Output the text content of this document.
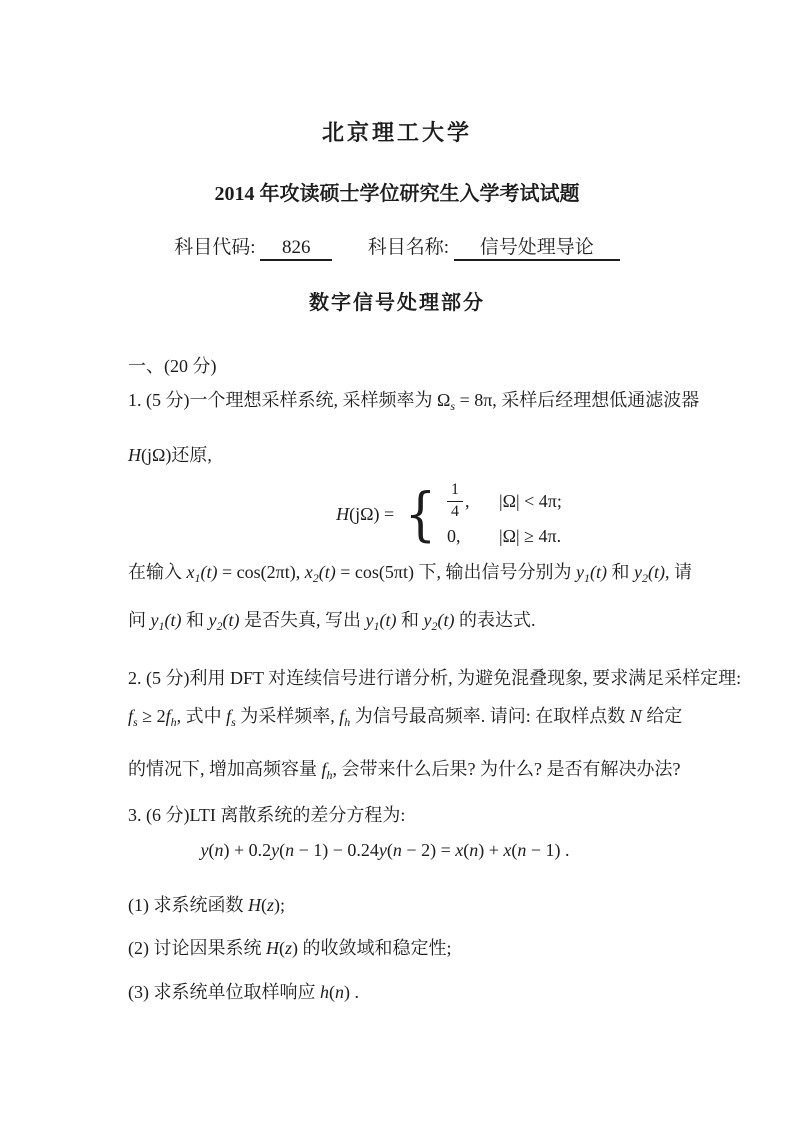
北京理工大学
2014 年攻读硕士学位研究生入学考试试题
科目代码: 826	科目名称: 信号处理导论
数字信号处理部分

一、(20 分)

1. (5 分)一个理想采样系统, 采样频率为 $\Omega_s = 8\pi$, 采样后经理想低通滤波器

H(jΩ)还原,

H(jΩ) = { $\frac{1}{4}$ , |Ω| < 4π;
0,	|Ω| ≥ 4π.

在输入 $x_1(t) = \cos(2\pi t)$, $x_2(t) = \cos(5\pi t)$ 下, 输出信号分别为 $y_1(t)$ 和 $y_2(t)$, 请

问 $y_1(t)$ 和 $y_2(t)$ 是否失真, 写出 $y_1(t)$ 和 $y_2(t)$ 的表达式.

2. (5 分)利用 DFT 对连续信号进行谱分析, 为避免混叠现象, 要求满足采样定理:

$f_s \ge 2f_h$, 式中 $f_s$ 为采样频率, $f_h$ 为信号最高频率. 请问: 在取样点数 N 给定

的情况下, 增加高频容量 $f_h$, 会带来什么后果? 为什么? 是否有解决办法?

3. (6 分)LTI 离散系统的差分方程为:

y(n) + 0.2y(n − 1) − 0.24y(n − 2) = x(n) + x(n − 1) .

(1) 求系统函数 H(z);

(2) 讨论因果系统 H(z) 的收敛域和稳定性;

(3) 求系统单位取样响应 h(n) .
